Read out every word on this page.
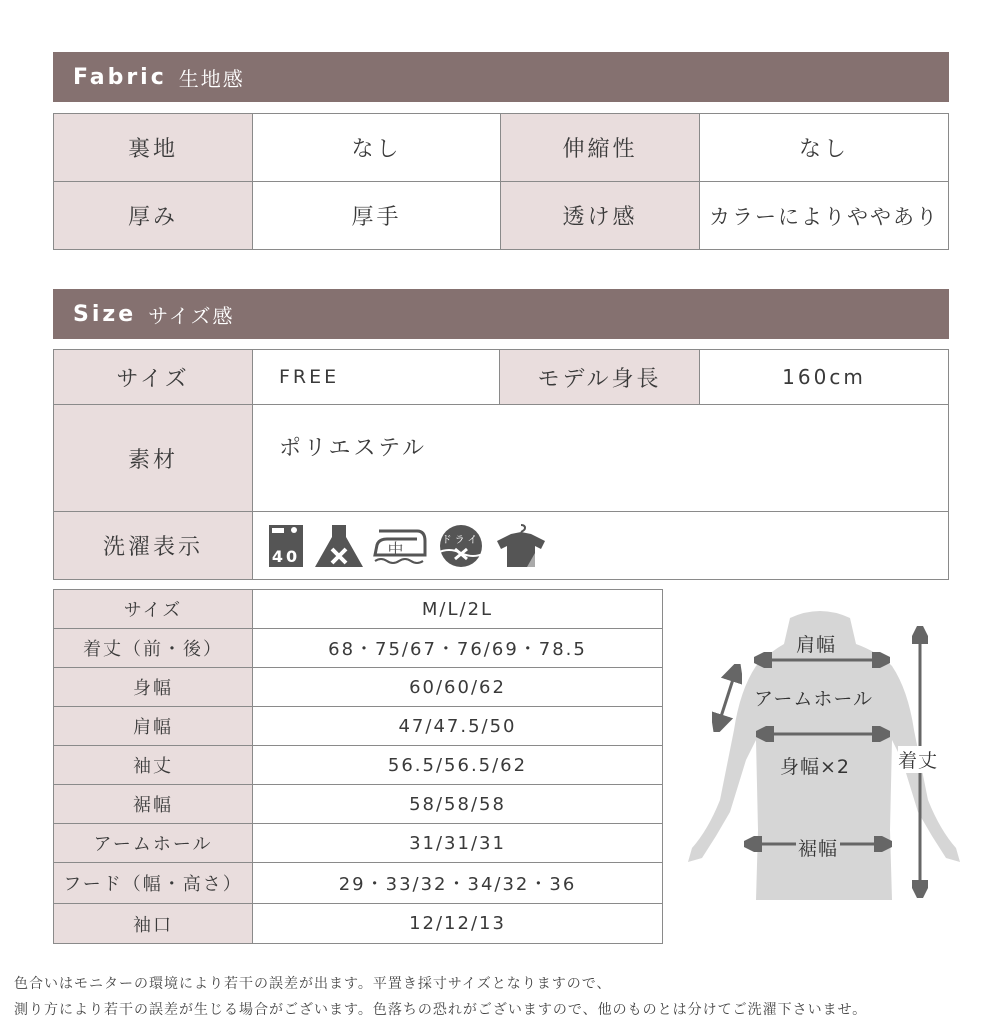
Fabric 生地感
裏地	なし	伸縮性	なし
厚み	厚手	透け感	カラーによりややあり
Size サイズ感
サイズ	FREE	モデル身長	160cm
素材	ポリエステル
洗濯表示	40	中	ドライ
サイズ	M/L/2L
着丈（前・後）	68・75/67・76/69・78.5
身幅	60/60/62
肩幅	47/47.5/50
袖丈	56.5/56.5/62
裾幅	58/58/58
アームホール	31/31/31
フード（幅・高さ）	29・33/32・34/32・36
袖口	12/12/13
肩幅
アームホール
身幅×2
裾幅
着丈
色合いはモニターの環境により若干の誤差が出ます。平置き採寸サイズとなりますので、
測り方により若干の誤差が生じる場合がございます。色落ちの恐れがございますので、他のものとは分けてご洗濯下さいませ。
